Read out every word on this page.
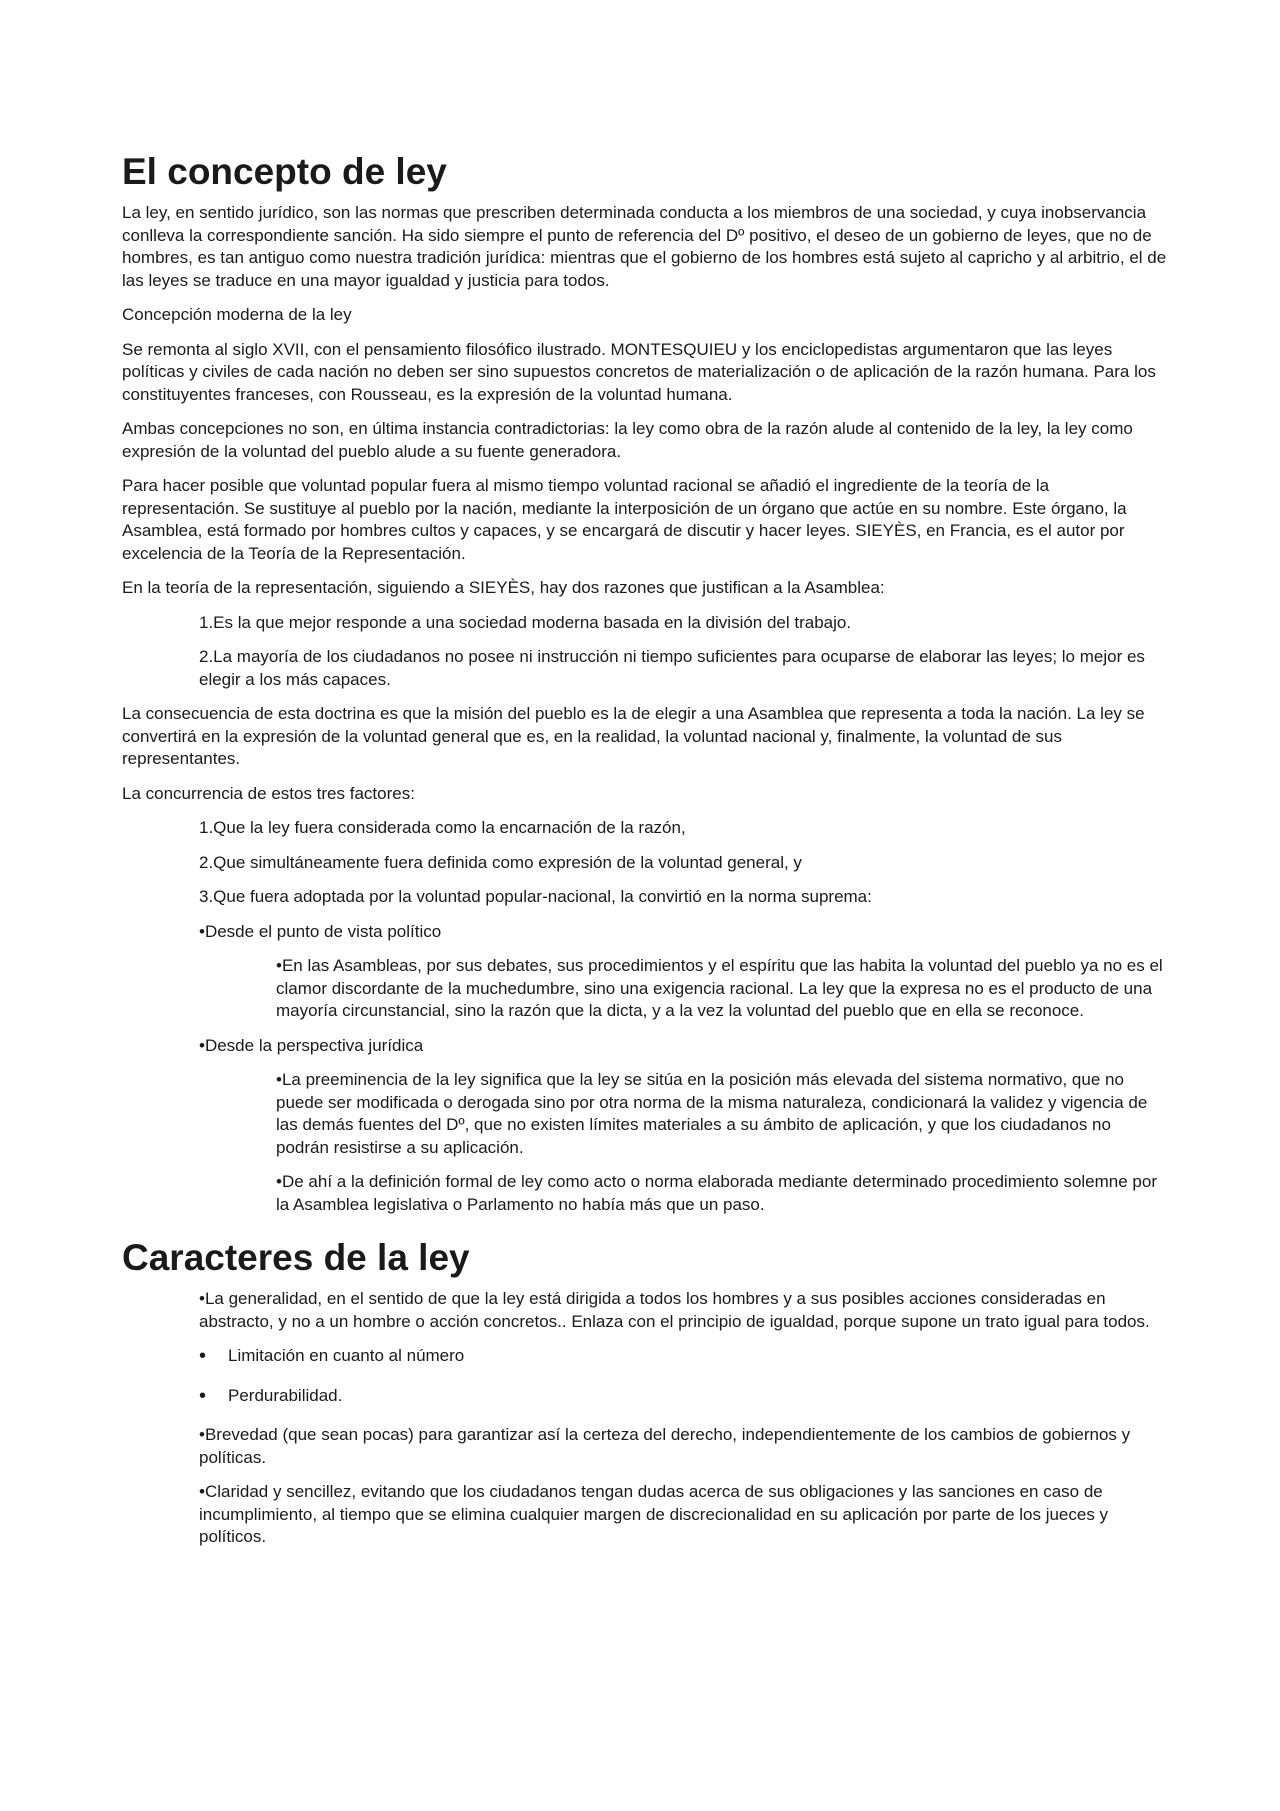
El concepto de ley

La ley, en sentido jurídico, son las normas que prescriben determinada conducta a los miembros de una sociedad, y cuya inobservancia conlleva la correspondiente sanción. Ha sido siempre el punto de referencia del Dº positivo, el deseo de un gobierno de leyes, que no de hombres, es tan antiguo como nuestra tradición jurídica: mientras que el gobierno de los hombres está sujeto al capricho y al arbitrio, el de las leyes se traduce en una mayor igualdad y justicia para todos.

Concepción moderna de la ley

Se remonta al siglo XVII, con el pensamiento filosófico ilustrado. MONTESQUIEU y los enciclopedistas argumentaron que las leyes políticas y civiles de cada nación no deben ser sino supuestos concretos de materialización o de aplicación de la razón humana. Para los constituyentes franceses, con Rousseau, es la expresión de la voluntad humana.

Ambas concepciones no son, en última instancia contradictorias: la ley como obra de la razón alude al contenido de la ley, la ley como expresión de la voluntad del pueblo alude a su fuente generadora.

Para hacer posible que voluntad popular fuera al mismo tiempo voluntad racional se añadió el ingrediente de la teoría de la representación. Se sustituye al pueblo por la nación, mediante la interposición de un órgano que actúe en su nombre. Este órgano, la Asamblea, está formado por hombres cultos y capaces, y se encargará de discutir y hacer leyes. SIEYÈS, en Francia, es el autor por excelencia de la Teoría de la Representación.

En la teoría de la representación, siguiendo a SIEYÈS, hay dos razones que justifican a la Asamblea:

1.Es la que mejor responde a una sociedad moderna basada en la división del trabajo.

2.La mayoría de los ciudadanos no posee ni instrucción ni tiempo suficientes para ocuparse de elaborar las leyes; lo mejor es elegir a los más capaces.

La consecuencia de esta doctrina es que la misión del pueblo es la de elegir a una Asamblea que representa a toda la nación. La ley se convertirá en la expresión de la voluntad general que es, en la realidad, la voluntad nacional y, finalmente, la voluntad de sus representantes.

La concurrencia de estos tres factores:

1.Que la ley fuera considerada como la encarnación de la razón,

2.Que simultáneamente fuera definida como expresión de la voluntad general, y

3.Que fuera adoptada por la voluntad popular-nacional, la convirtió en la norma suprema:

•Desde el punto de vista político

•En las Asambleas, por sus debates, sus procedimientos y el espíritu que las habita la voluntad del pueblo ya no es el clamor discordante de la muchedumbre, sino una exigencia racional. La ley que la expresa no es el producto de una mayoría circunstancial, sino la razón que la dicta, y a la vez la voluntad del pueblo que en ella se reconoce.

•Desde la perspectiva jurídica

•La preeminencia de la ley significa que la ley se sitúa en la posición más elevada del sistema normativo, que no puede ser modificada o derogada sino por otra norma de la misma naturaleza, condicionará la validez y vigencia de las demás fuentes del Dº, que no existen límites materiales a su ámbito de aplicación, y que los ciudadanos no podrán resistirse a su aplicación.

•De ahí a la definición formal de ley como acto o norma elaborada mediante determinado procedimiento solemne por la Asamblea legislativa o Parlamento no había más que un paso.

Caracteres de la ley

•La generalidad, en el sentido de que la ley está dirigida a todos los hombres y a sus posibles acciones consideradas en abstracto, y no a un hombre o acción concretos.. Enlaza con el principio de igualdad, porque supone un trato igual para todos.

•	Limitación en cuanto al número
•	Perdurabilidad.

•Brevedad (que sean pocas) para garantizar así la certeza del derecho, independientemente de los cambios de gobiernos y políticas.

•Claridad y sencillez, evitando que los ciudadanos tengan dudas acerca de sus obligaciones y las sanciones en caso de incumplimiento, al tiempo que se elimina cualquier margen de discrecionalidad en su aplicación por parte de los jueces y políticos.
